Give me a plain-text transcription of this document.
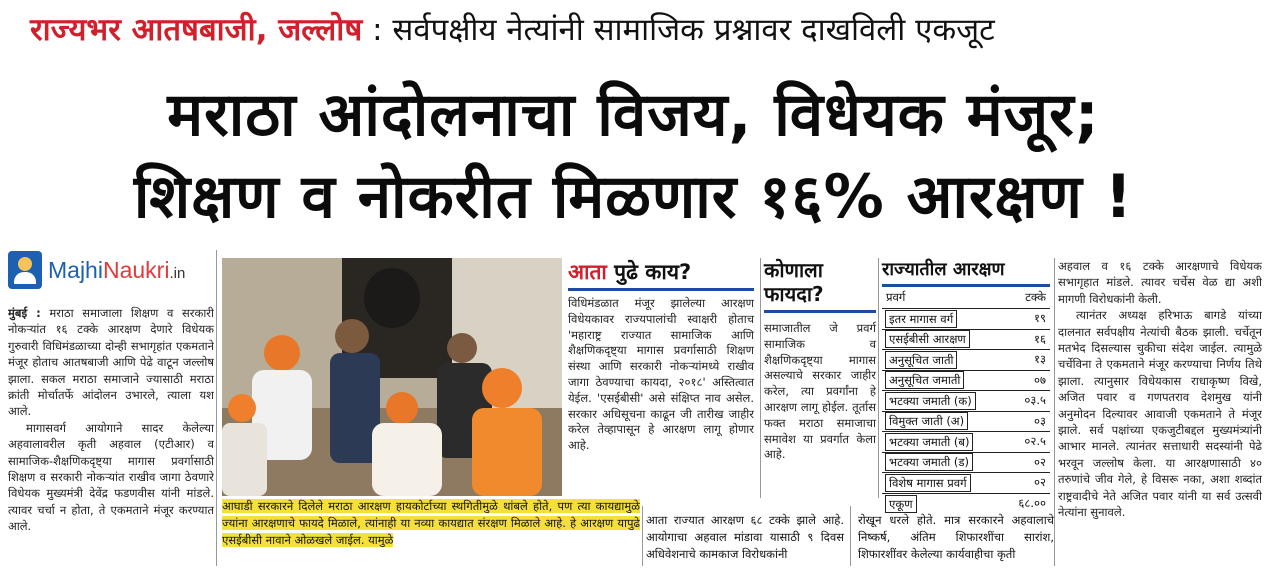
राज्यभर आतषबाजी, जल्लोष : सर्वपक्षीय नेत्यांनी सामाजिक प्रश्नावर दाखविली एकजूट
मराठा आंदोलनाचा विजय, विधेयक मंजूर;
शिक्षण व नोकरीत मिळणार १६% आरक्षण !
MajhiNaukri.in

मुंबई : मराठा समाजाला शिक्षण व सरकारी नोकऱ्यांत १६ टक्के आरक्षण देणारे विधेयक गुरुवारी विधिमंडळाच्या दोन्ही सभागृहांत एकमताने मंजूर होताच आतषबाजी आणि पेढे वाटून जल्लोष झाला. सकल मराठा समाजाने ज्यासाठी मराठा क्रांती मोर्चातर्फे आंदोलन उभारले, त्याला यश आले.

मागासवर्ग आयोगाने सादर केलेल्या अहवालावरील कृती अहवाल (एटीआर) व सामाजिक-शैक्षणिकदृष्ट्या मागास प्रवर्गासाठी शिक्षण व सरकारी नोकऱ्यांत राखीव जागा ठेवणारे विधेयक मुख्यमंत्री देवेंद्र फडणवीस यांनी मांडले. त्यावर चर्चा न होता, ते एकमताने मंजूर करण्यात आले.

आघाडी सरकारने दिलेले मराठा आरक्षण हायकोर्टाच्या स्थगितीमुळे थांबले होते, पण त्या कायद्यामुळे ज्यांना आरक्षणाचे फायदे मिळाले, त्यांनाही या नव्या कायद्यात संरक्षण मिळाले आहे. हे आरक्षण यापुढे एसईबीसी नावाने ओळखले जाईल. यामुळे
आता पुढे काय?
विधिमंडळात मंजूर झालेल्या आरक्षण विधेयकावर राज्यपालांची स्वाक्षरी होताच 'महाराष्ट्र राज्यात सामाजिक आणि शैक्षणिकदृष्ट्या मागास प्रवर्गासाठी शिक्षण संस्था आणि सरकारी नोकऱ्यांमध्ये राखीव जागा ठेवण्याचा कायदा, २०१८' अस्तित्वात येईल. 'एसईबीसी' असे संक्षिप्त नाव असेल. सरकार अधिसूचना काढून जी तारीख जाहीर करेल तेव्हापासून हे आरक्षण लागू होणार आहे.
कोणाला फायदा?
समाजातील जे प्रवर्ग सामाजिक व शैक्षणिकदृष्ट्या मागास असल्याचे सरकार जाहीर करेल, त्या प्रवर्गांना हे आरक्षण लागू होईल. तूर्तास फक्त मराठा समाजाचा समावेश या प्रवर्गात केला आहे.
राज्यातील आरक्षण
प्रवर्ग	टक्के
इतर मागास वर्ग	१९
एसईबीसी आरक्षण	१६
अनुसूचित जाती	१३
अनुसूचित जमाती	०७
भटक्या जमाती (क)	०३.५
विमुक्त जाती (अ)	०३
भटक्या जमाती (ब)	०२.५
भटक्या जमाती (ड)	०२
विशेष मागास प्रवर्ग	०२
एकूण	६८.००

अहवाल व १६ टक्के आरक्षणाचे विधेयक सभागृहात मांडले. त्यावर चर्चेस वेळ द्या अशी मागणी विरोधकांनी केली.

त्यानंतर अध्यक्ष हरिभाऊ बागडे यांच्या दालनात सर्वपक्षीय नेत्यांची बैठक झाली. चर्चेतून मतभेद दिसल्यास चुकीचा संदेश जाईल. त्यामुळे चर्चेविना ते एकमताने मंजूर करण्याचा निर्णय तिथे झाला. त्यानुसार विधेयकास राधाकृष्ण विखे, अजित पवार व गणपतराव देशमुख यांनी अनुमोदन दिल्यावर आवाजी एकमताने ते मंजूर झाले. सर्व पक्षांच्या एकजुटीबद्दल मुख्यमंत्र्यांनी आभार मानले. त्यानंतर सत्ताधारी सदस्यांनी पेढे भरवून जल्लोष केला. या आरक्षणासाठी ४० तरुणांचे जीव गेले, हे विसरू नका, अशा शब्दांत राष्ट्रवादीचे नेते अजित पवार यांनी या सर्व उत्सवी नेत्यांना सुनावले.

आता राज्यात आरक्षण ६८ टक्के झाले आहे. आयोगाचा अहवाल मांडावा यासाठी ९ दिवस अधिवेशनाचे कामकाज विरोधकांनी
रोखून धरले होते. मात्र सरकारने अहवालाचे निष्कर्ष, अंतिम शिफारशींचा सारांश, शिफारशींवर केलेल्या कार्यवाहीचा कृती
